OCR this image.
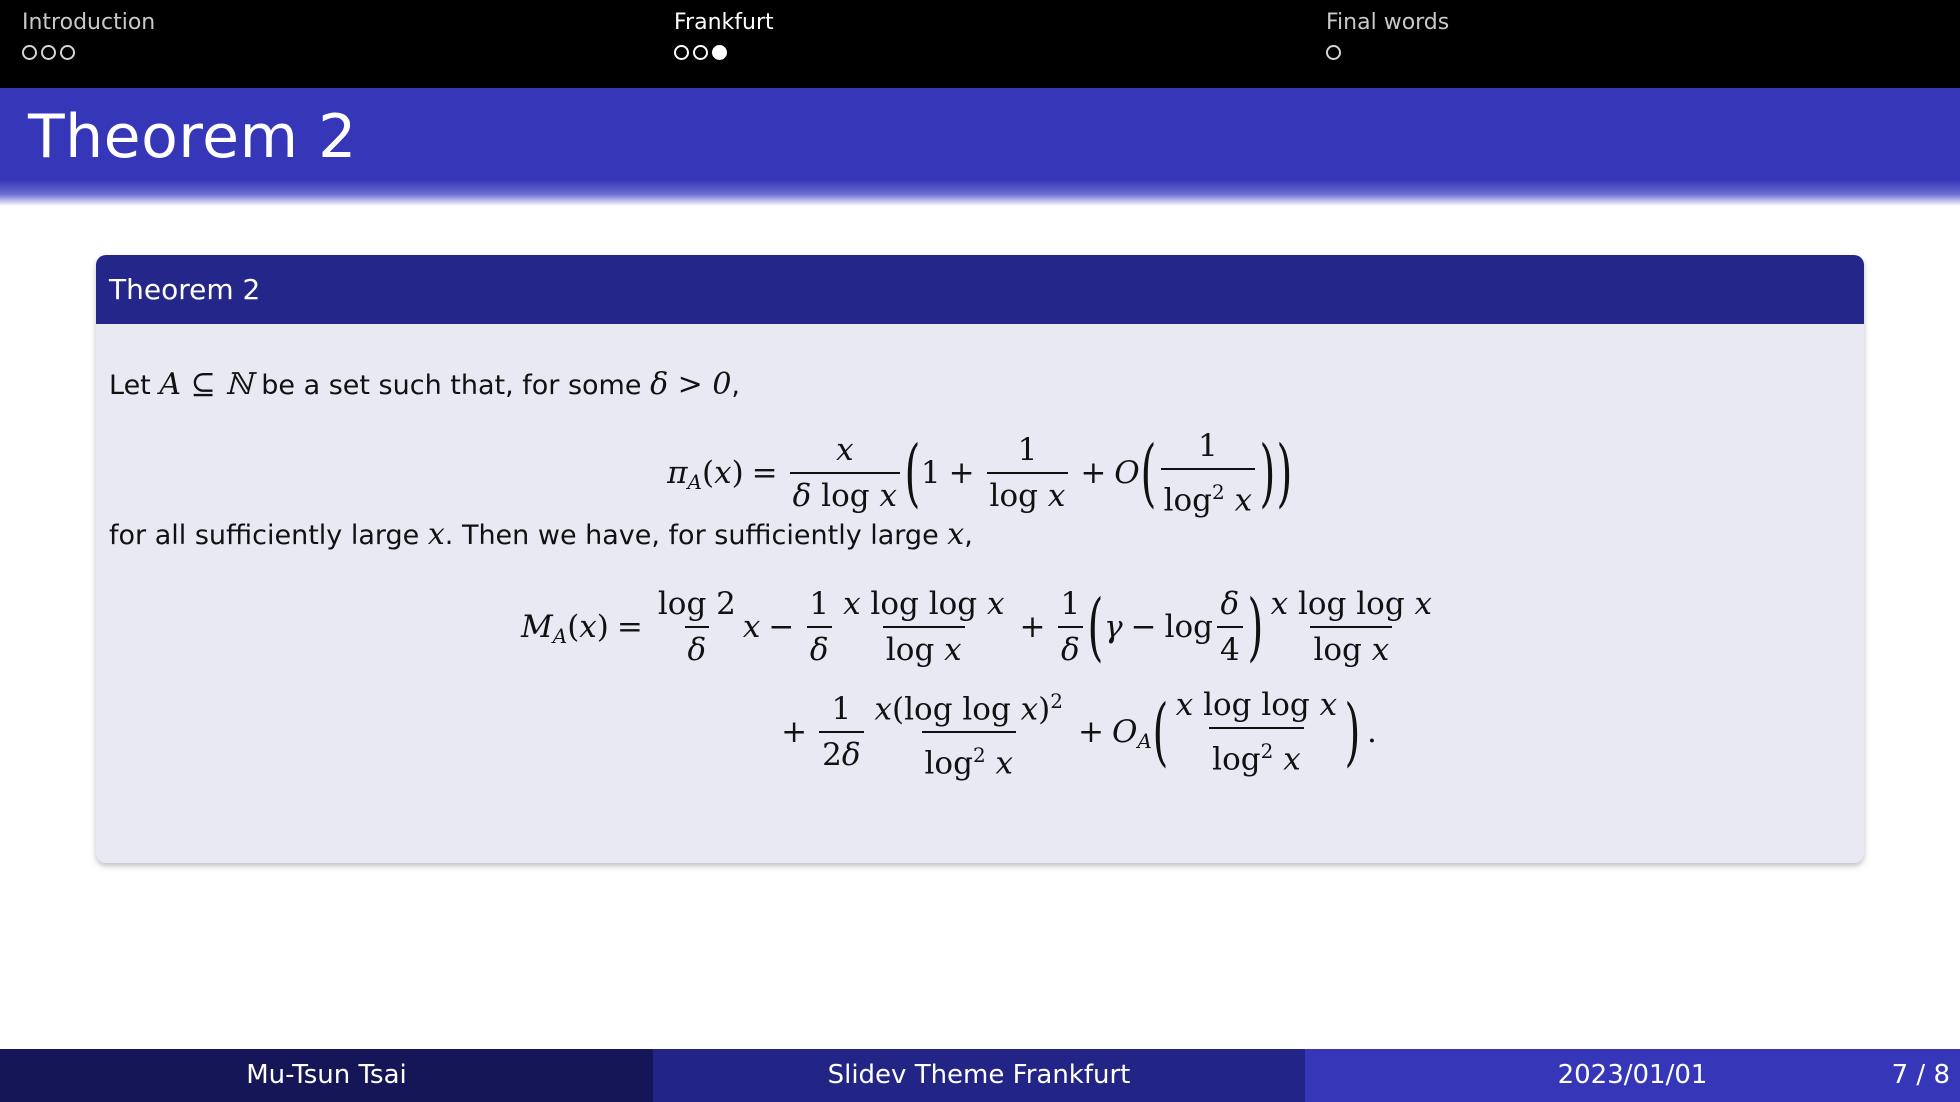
Introduction	Frankfurt	Final words
Theorem 2
Theorem 2
Let A ⊆ ℕ be a set such that, for some δ > 0,
$\pi_A$ ( x ) = $\frac{x}{\text{δ log x}}$ ( $1 + \frac{1}{\text{log x}} + O$ ( $\frac{1}{\log^2 x}$ ) )
for all sufficiently large x. Then we have, for sufficiently large x,
$M_A$ ( x ) = $\frac{\log 2}{\delta}$ $x - \frac{1}{\delta} \frac{\text{x log log x}}{\text{log x}} + \frac{1}{\delta}$ ( $\gamma - \log \frac{\delta}{4}$ ) $\frac{\text{x log log x}}{\text{log x}}$
+ $\frac{1}{2\delta} \frac{x(\log \log x)^2}{\log^2 x} + O_A$ ( $\frac{\text{x log log x}}{\log^2 x}$ ) .
Mu-Tsun Tsai	Slidev Theme Frankfurt	2023/01/01	7 / 8
